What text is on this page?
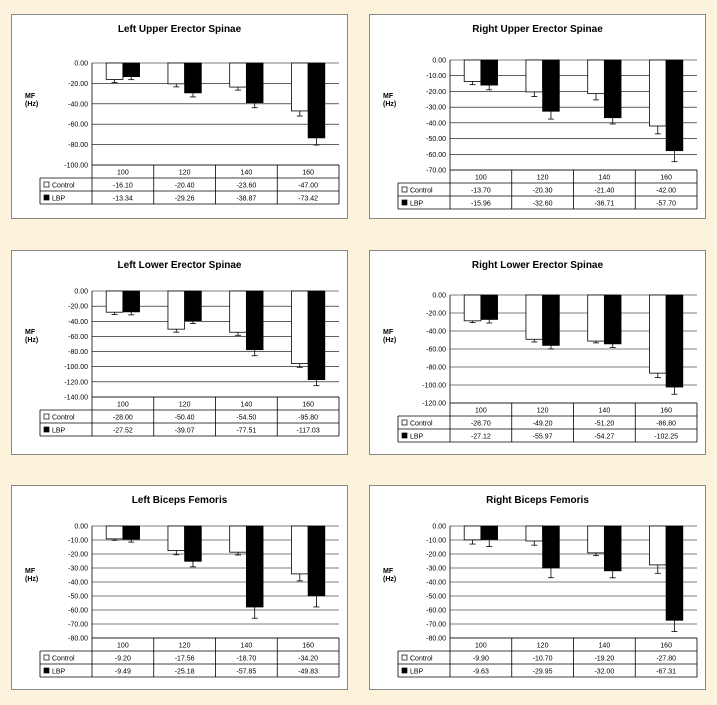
0.00
-20.00
-40.00
-60.00
-80.00
-100.00
100	120	140	160
Control	-16.10	-20.40	-23.60	-47.00
LBP	-13.34	-29.26	-38.87	-73.42
Left Upper Erector Spinae
MF
(Hz)
0.00
-10.00
-20.00
-30.00
-40.00
-50.00
-60.00
-70.00
100	120	140	160
Control	-13.70	-20.30	-21.40	-42.00
LBP	-15.96	-32.60	-36.71	-57.70
Right Upper Erector Spinae
MF
(Hz)
0.00
-20.00
-40.00
-60.00
-80.00
-100.00
-120.00
-140.00
100	120	140	160
Control	-28.00	-50.40	-54.50	-95.80
LBP	-27.52	-39.07	-77.51	-117.03
Left Lower Erector Spinae
MF
(Hz)
0.00
-20.00
-40.00
-60.00
-80.00
-100.00
-120.00
100	120	140	160
Control	-28.70	-49.20	-51.20	-86.80
LBP	-27.12	-55.97	-54.27	-102.25
Right Lower Erector Spinae
MF
(Hz)
0.00
-10.00
-20.00
-30.00
-40.00
-50.00
-60.00
-70.00
-80.00
100	120	140	160
Control	-9.20	-17.56	-18.70	-34.20
LBP	-9.49	-25.18	-57.85	-49.83
Left Biceps Femoris
MF
(Hz)
0.00
-10.00
-20.00
-30.00
-40.00
-50.00
-60.00
-70.00
-80.00
100	120	140	160
Control	-9.90	-10.70	-19.20	-27.80
LBP	-9.63	-29.95	-32.00	-67.31
Right Biceps Femoris
MF
(Hz)
